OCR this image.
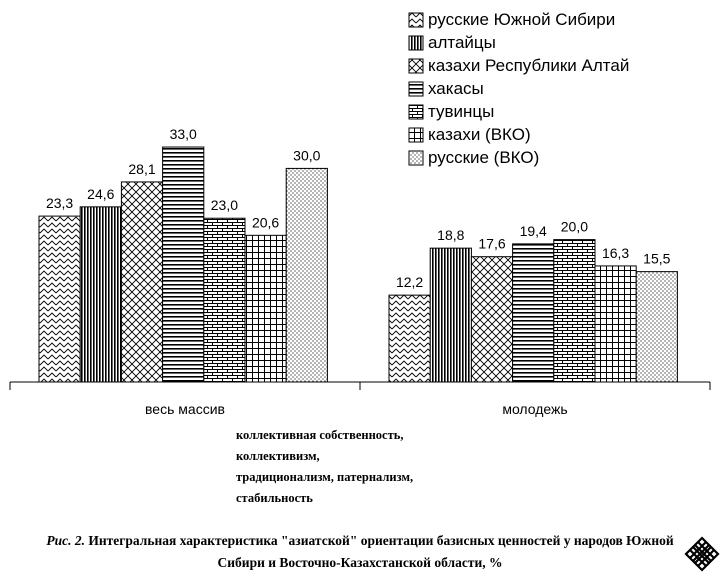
23,3
12,2
24,6
18,8
28,1
17,6
33,0
19,4
23,0
20,0
20,6
16,3
30,0
15,5
весь массив	молодежь
русские Южной Сибири
алтайцы
казахи Республики Алтай
хакасы
тувинцы
казахи (ВКО)
русские (ВКО)
коллективная собственность,
коллективизм,
традиционализм, патернализм,
стабильность
Рис. 2. Интегральная характеристика "азиатской" ориентации базисных ценностей у народов Южной Сибири и Восточно-Казахстанской области, %
